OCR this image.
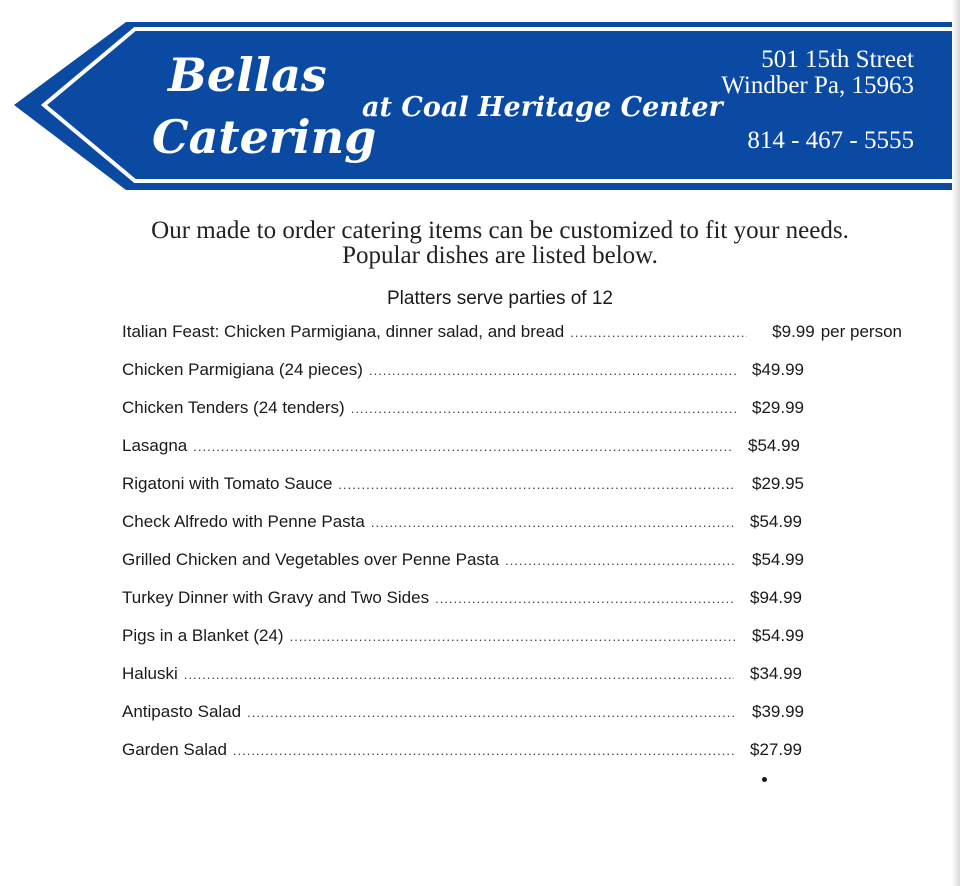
Bellas
Catering
at Coal Heritage Center
501 15th Street
Windber Pa, 15963
814 - 467 - 5555
Our made to order catering items can be customized to fit your needs.
Popular dishes are listed below.
Platters serve parties of 12
Italian Feast: Chicken Parmigiana, dinner salad, and bread .....	$9.99 per person
Chicken Parmigiana (24 pieces) .....	$49.99
Chicken Tenders (24 tenders) .....	$29.99
Lasagna .....	$54.99
Rigatoni with Tomato Sauce .....	$29.95
Check Alfredo with Penne Pasta .....	$54.99
Grilled Chicken and Vegetables over Penne Pasta .....	$54.99
Turkey Dinner with Gravy and Two Sides .....	$94.99
Pigs in a Blanket (24) .....	$54.99
Haluski .....	$34.99
Antipasto Salad .....	$39.99
Garden Salad .....	$27.99
